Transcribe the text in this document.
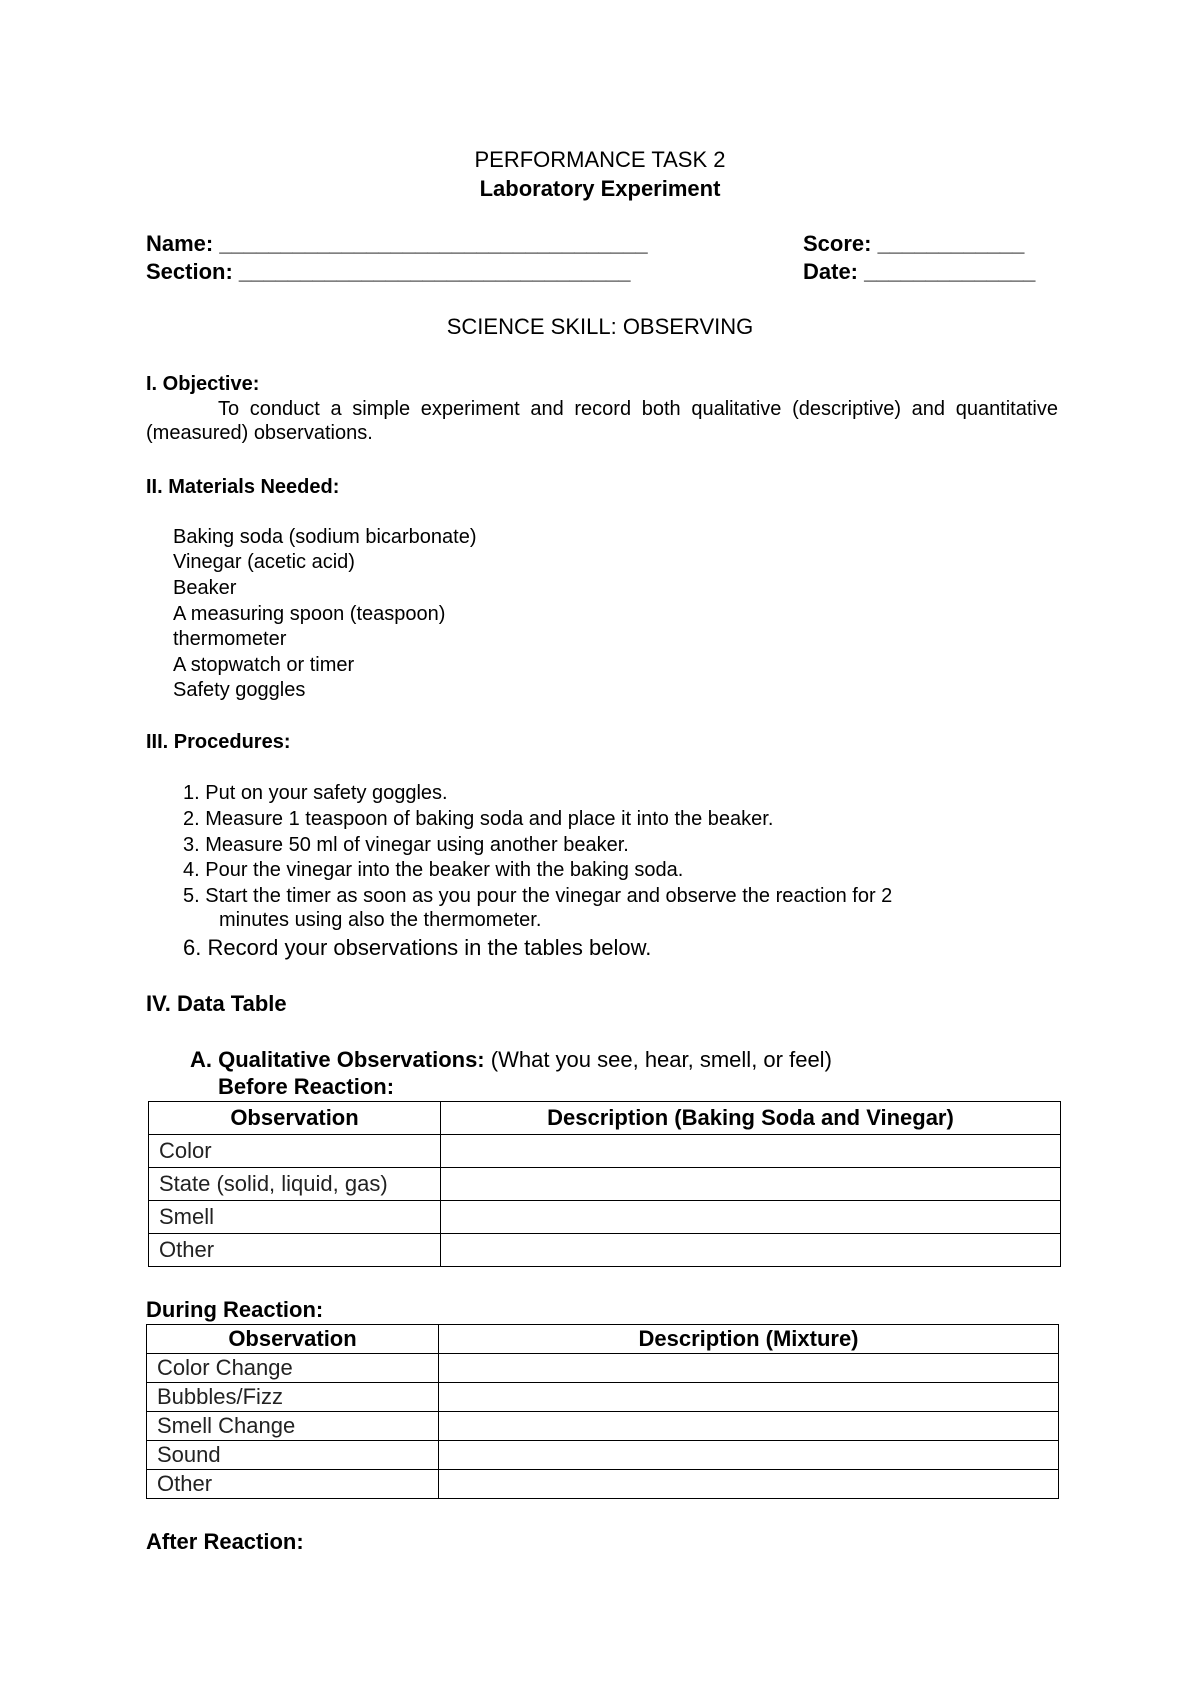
PERFORMANCE TASK 2
Laboratory Experiment
Name: ___________________________________
Section: ________________________________
Score: ____________
Date: ______________
SCIENCE SKILL: OBSERVING
I. Objective:
To conduct a simple experiment and record both qualitative (descriptive) and quantitative (measured) observations.
II. Materials Needed:
Baking soda (sodium bicarbonate)
Vinegar (acetic acid)
Beaker
A measuring spoon (teaspoon)
thermometer
A stopwatch or timer
Safety goggles
III. Procedures:
1. Put on your safety goggles.
2. Measure 1 teaspoon of baking soda and place it into the beaker.
3. Measure 50 ml of vinegar using another beaker.
4. Pour the vinegar into the beaker with the baking soda.
5. Start the timer as soon as you pour the vinegar and observe the reaction for 2
minutes using also the thermometer.
6. Record your observations in the tables below.
IV. Data Table
A. Qualitative Observations: (What you see, hear, smell, or feel)
Before Reaction:
Observation	Description (Baking Soda and Vinegar)
Color	
State (solid, liquid, gas)	
Smell	
Other	
During Reaction:
Observation	Description (Mixture)
Color Change	
Bubbles/Fizz	
Smell Change	
Sound	
Other	
After Reaction:
